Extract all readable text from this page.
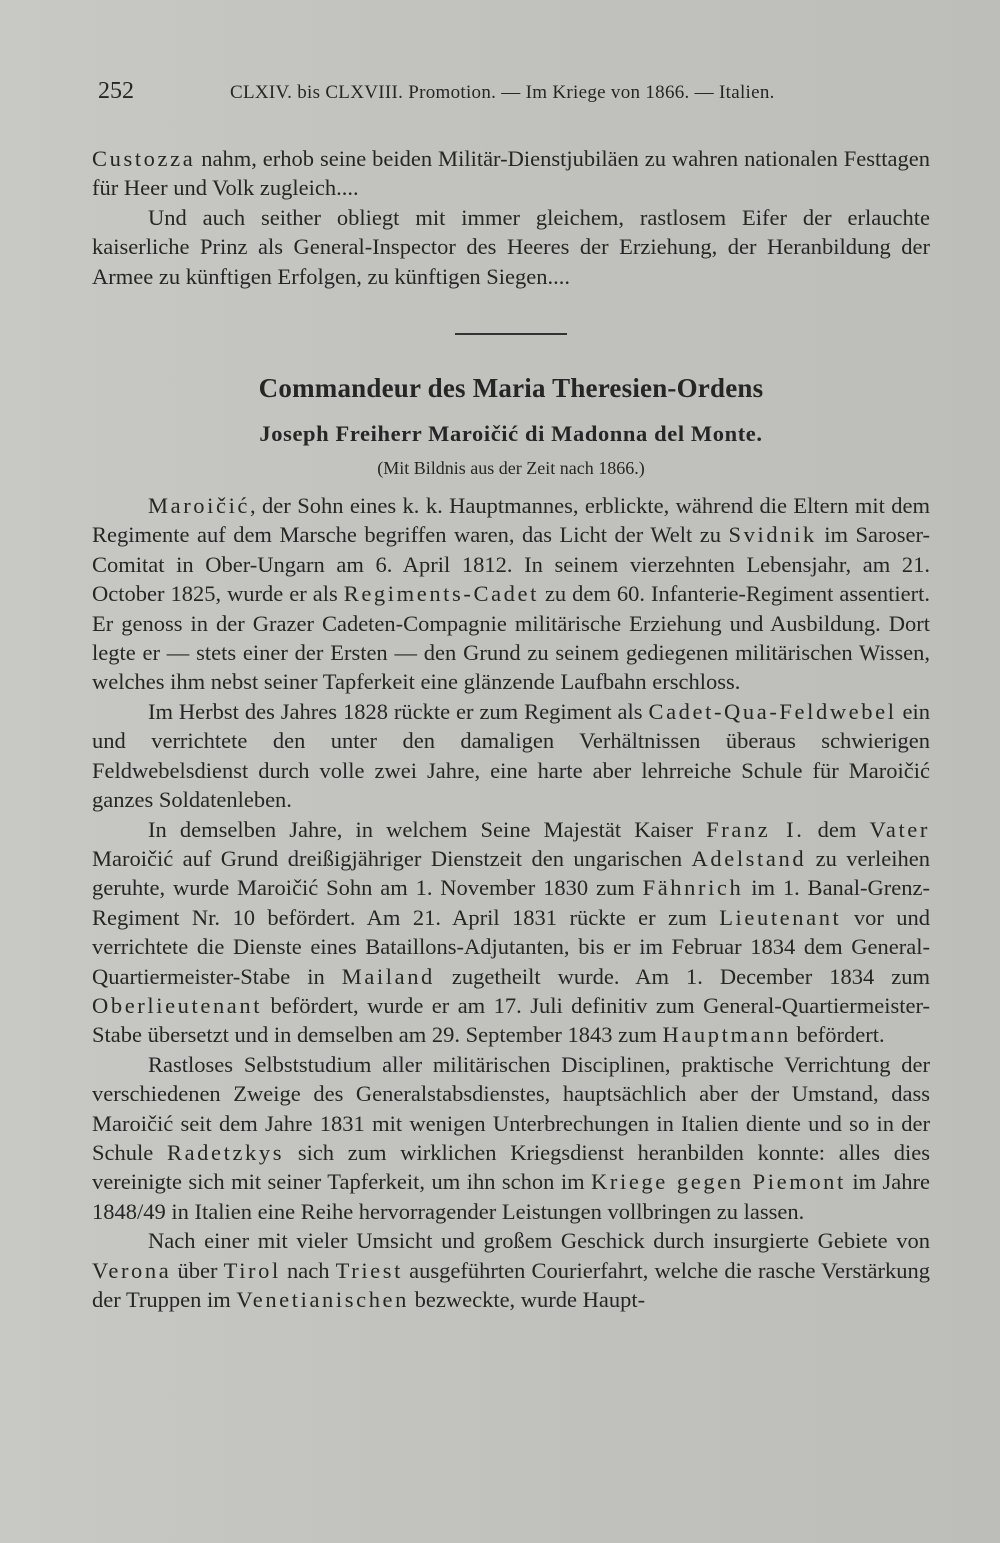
252	CLXIV. bis CLXVIII. Promotion. — Im Kriege von 1866. — Italien.

Custozza nahm, erhob seine beiden Militär-Dienstjubiläen zu wahren nationalen Festtagen für Heer und Volk zugleich....

Und auch seither obliegt mit immer gleichem, rastlosem Eifer der erlauchte kaiserliche Prinz als General-Inspector des Heeres der Erziehung, der Heranbildung der Armee zu künftigen Erfolgen, zu künftigen Siegen....

Commandeur des Maria Theresien-Ordens
Joseph Freiherr Maroičić di Madonna del Monte.
(Mit Bildnis aus der Zeit nach 1866.)

Maroičić, der Sohn eines k. k. Hauptmannes, erblickte, während die Eltern mit dem Regimente auf dem Marsche begriffen waren, das Licht der Welt zu Svidnik im Saroser-Comitat in Ober-Ungarn am 6. April 1812. In seinem vierzehnten Lebensjahr, am 21. October 1825, wurde er als Regiments-Cadet zu dem 60. Infanterie-Regiment assentiert. Er genoss in der Grazer Cadeten-Compagnie militärische Erziehung und Ausbildung. Dort legte er — stets einer der Ersten — den Grund zu seinem gediegenen militärischen Wissen, welches ihm nebst seiner Tapferkeit eine glänzende Laufbahn erschloss.

Im Herbst des Jahres 1828 rückte er zum Regiment als Cadet-Qua-Feldwebel ein und verrichtete den unter den damaligen Verhältnissen überaus schwierigen Feldwebelsdienst durch volle zwei Jahre, eine harte aber lehrreiche Schule für Maroičić ganzes Soldatenleben.

In demselben Jahre, in welchem Seine Majestät Kaiser Franz I. dem Vater Maroičić auf Grund dreißigjähriger Dienstzeit den ungarischen Adelstand zu verleihen geruhte, wurde Maroičić Sohn am 1. November 1830 zum Fähnrich im 1. Banal-Grenz-Regiment Nr. 10 befördert. Am 21. April 1831 rückte er zum Lieutenant vor und verrichtete die Dienste eines Bataillons-Adjutanten, bis er im Februar 1834 dem General-Quartiermeister-Stabe in Mailand zugetheilt wurde. Am 1. December 1834 zum Oberlieutenant befördert, wurde er am 17. Juli definitiv zum General-Quartiermeister-Stabe übersetzt und in demselben am 29. September 1843 zum Hauptmann befördert.

Rastloses Selbststudium aller militärischen Disciplinen, praktische Verrichtung der verschiedenen Zweige des Generalstabsdienstes, hauptsächlich aber der Umstand, dass Maroičić seit dem Jahre 1831 mit wenigen Unterbrechungen in Italien diente und so in der Schule Radetzkys sich zum wirklichen Kriegsdienst heranbilden konnte: alles dies vereinigte sich mit seiner Tapferkeit, um ihn schon im Kriege gegen Piemont im Jahre 1848/49 in Italien eine Reihe hervorragender Leistungen vollbringen zu lassen.

Nach einer mit vieler Umsicht und großem Geschick durch insurgierte Gebiete von Verona über Tirol nach Triest ausgeführten Courierfahrt, welche die rasche Verstärkung der Truppen im Venetianischen bezweckte, wurde Haupt-
